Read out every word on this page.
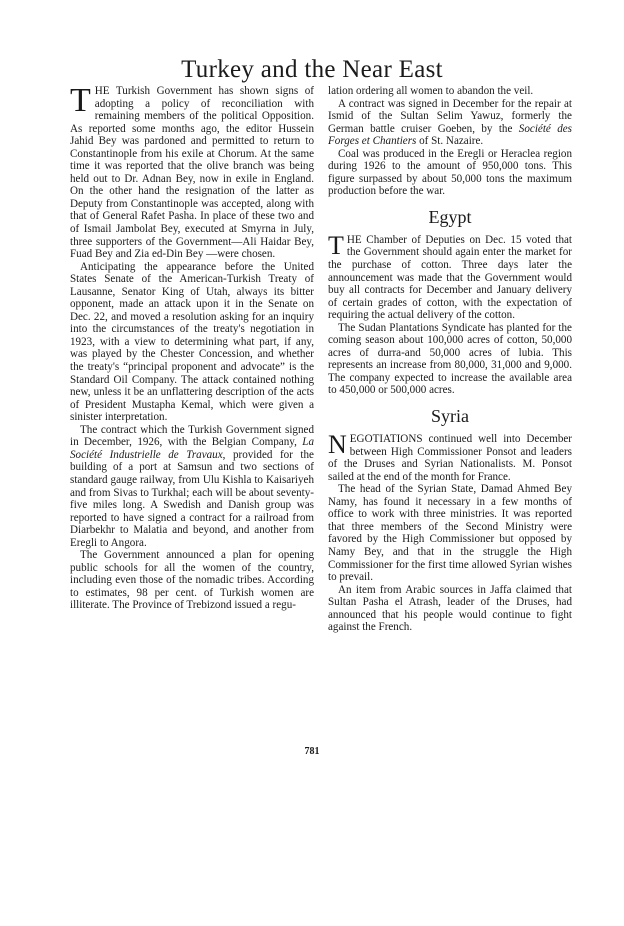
Turkey and the Near East

THE Turkish Government has shown signs of adopting a policy of reconciliation with remaining members of the political Opposition. As reported some months ago, the editor Hussein Jahid Bey was pardoned and permitted to return to Constantinople from his exile at Chorum. At the same time it was reported that the olive branch was being held out to Dr. Adnan Bey, now in exile in England. On the other hand the resignation of the latter as Deputy from Constantinople was accepted, along with that of General Rafet Pasha. In place of these two and of Ismail Jambolat Bey, executed at Smyrna in July, three supporters of the Government—Ali Haidar Bey, Fuad Bey and Zia ed-Din Bey —were chosen.

Anticipating the appearance before the United States Senate of the American-Turkish Treaty of Lausanne, Senator King of Utah, always its bitter opponent, made an attack upon it in the Senate on Dec. 22, and moved a resolution asking for an inquiry into the circumstances of the treaty's negotiation in 1923, with a view to determining what part, if any, was played by the Chester Concession, and whether the treaty's “principal proponent and advocate” is the Standard Oil Company. The attack contained nothing new, unless it be an unflattering description of the acts of President Mustapha Kemal, which were given a sinister interpretation.

The contract which the Turkish Government signed in December, 1926, with the Belgian Company, La Société Industrielle de Travaux, provided for the building of a port at Samsun and two sections of standard gauge railway, from Ulu Kishla to Kaisariyeh and from Sivas to Turkhal; each will be about seventy-five miles long. A Swedish and Danish group was reported to have signed a contract for a railroad from Diarbekhr to Malatia and beyond, and another from Eregli to Angora.

The Government announced a plan for opening public schools for all the women of the country, including even those of the nomadic tribes. According to estimates, 98 per cent. of Turkish women are illiterate. The Province of Trebizond issued a regu-

lation ordering all women to abandon the veil.

A contract was signed in December for the repair at Ismid of the Sultan Selim Yawuz, formerly the German battle cruiser Goeben, by the Société des Forges et Chantiers of St. Nazaire.

Coal was produced in the Eregli or Heraclea region during 1926 to the amount of 950,000 tons. This figure surpassed by about 50,000 tons the maximum production before the war.

Egypt

THE Chamber of Deputies on Dec. 15 voted that the Government should again enter the market for the purchase of cotton. Three days later the announcement was made that the Government would buy all contracts for December and January delivery of certain grades of cotton, with the expectation of requiring the actual delivery of the cotton.

The Sudan Plantations Syndicate has planted for the coming season about 100,000 acres of cotton, 50,000 acres of durra-and 50,000 acres of lubia. This represents an increase from 80,000, 31,000 and 9,000. The company expected to increase the available area to 450,000 or 500,000 acres.

Syria

NEGOTIATIONS continued well into December between High Commissioner Ponsot and leaders of the Druses and Syrian Nationalists. M. Ponsot sailed at the end of the month for France.

The head of the Syrian State, Damad Ahmed Bey Namy, has found it necessary in a few months of office to work with three ministries. It was reported that three members of the Second Ministry were favored by the High Commissioner but opposed by Namy Bey, and that in the struggle the High Commissioner for the first time allowed Syrian wishes to prevail.

An item from Arabic sources in Jaffa claimed that Sultan Pasha el Atrash, leader of the Druses, had announced that his people would continue to fight against the French.

781
